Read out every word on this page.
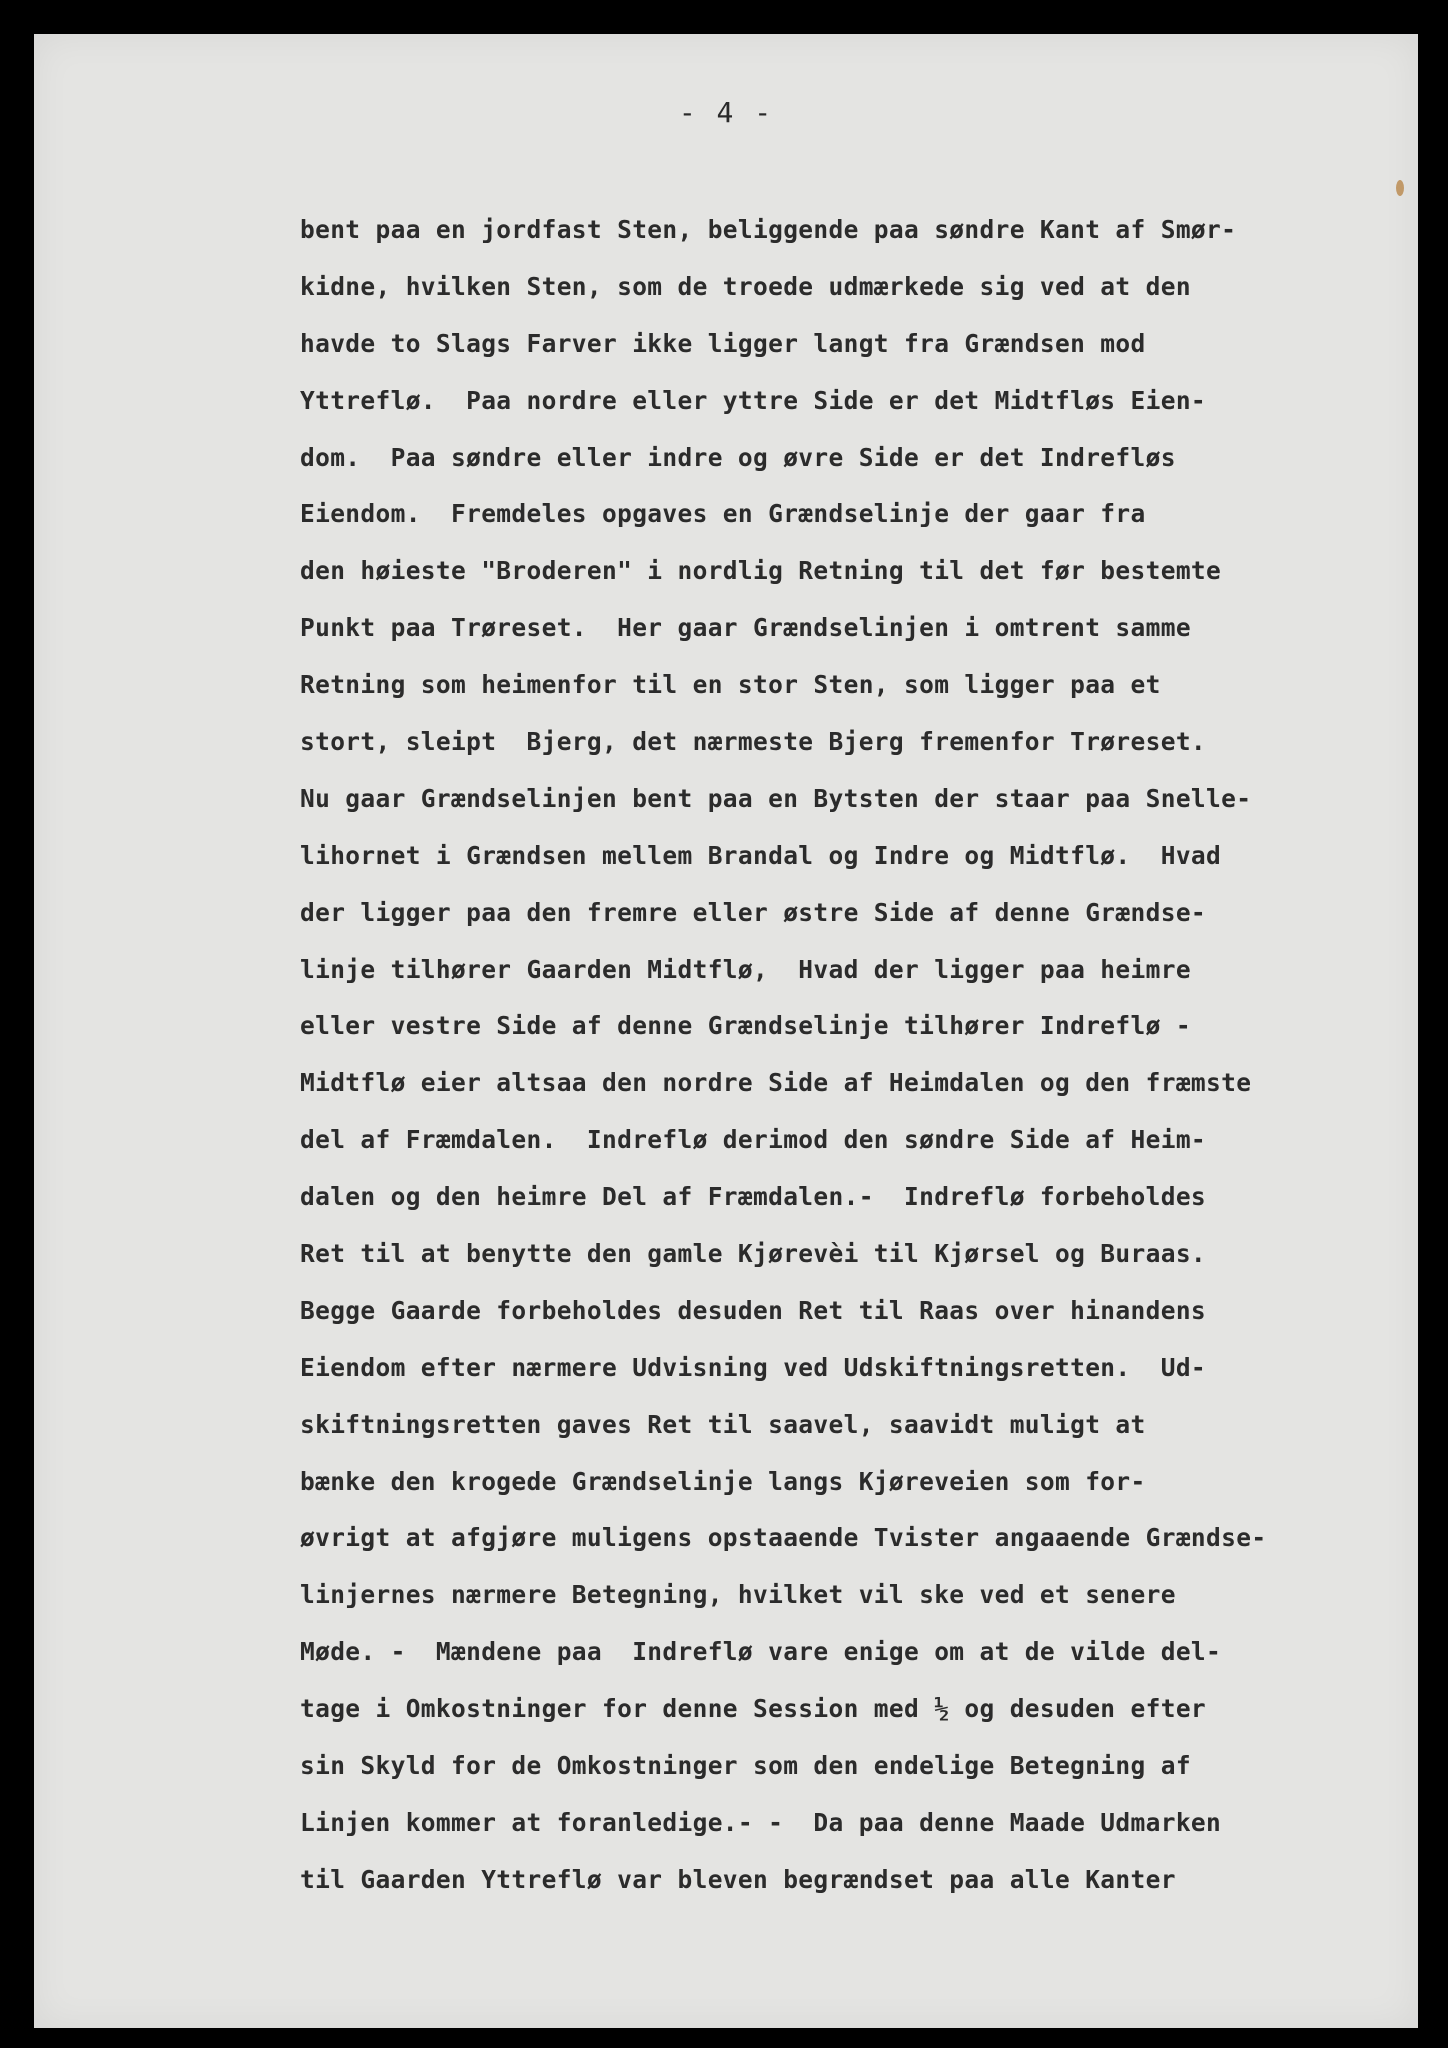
- 4 -
bent paa en jordfast Sten, beliggende paa søndre Kant af Smør-
kidne, hvilken Sten, som de troede udmærkede sig ved at den
havde to Slags Farver ikke ligger langt fra Grændsen mod
Yttreflø.  Paa nordre eller yttre Side er det Midtfløs Eien-
dom.  Paa søndre eller indre og øvre Side er det Indrefløs
Eiendom.  Fremdeles opgaves en Grændselinje der gaar fra
den høieste "Broderen" i nordlig Retning til det før bestemte
Punkt paa Trøreset.  Her gaar Grændselinjen i omtrent samme
Retning som heimenfor til en stor Sten, som ligger paa et
stort, sleipt  Bjerg, det nærmeste Bjerg fremenfor Trøreset.
Nu gaar Grændselinjen bent paa en Bytsten der staar paa Snelle-
lihornet i Grændsen mellem Brandal og Indre og Midtflø.  Hvad
der ligger paa den fremre eller østre Side af denne Grændse-
linje tilhører Gaarden Midtflø,  Hvad der ligger paa heimre
eller vestre Side af denne Grændselinje tilhører Indreflø -
Midtflø eier altsaa den nordre Side af Heimdalen og den fræmste
del af Fræmdalen.  Indreflø derimod den søndre Side af Heim-
dalen og den heimre Del af Fræmdalen.-  Indreflø forbeholdes
Ret til at benytte den gamle Kjørevèi til Kjørsel og Buraas.
Begge Gaarde forbeholdes desuden Ret til Raas over hinandens
Eiendom efter nærmere Udvisning ved Udskiftningsretten.  Ud-
skiftningsretten gaves Ret til saavel, saavidt muligt at
bænke den krogede Grændselinje langs Kjøreveien som for-
øvrigt at afgjøre muligens opstaaende Tvister angaaende Grændse-
linjernes nærmere Betegning, hvilket vil ske ved et senere
Møde. -  Mændene paa  Indreflø vare enige om at de vilde del-
tage i Omkostninger for denne Session med ½ og desuden efter
sin Skyld for de Omkostninger som den endelige Betegning af
Linjen kommer at foranledige.- -  Da paa denne Maade Udmarken
til Gaarden Yttreflø var bleven begrændset paa alle Kanter
